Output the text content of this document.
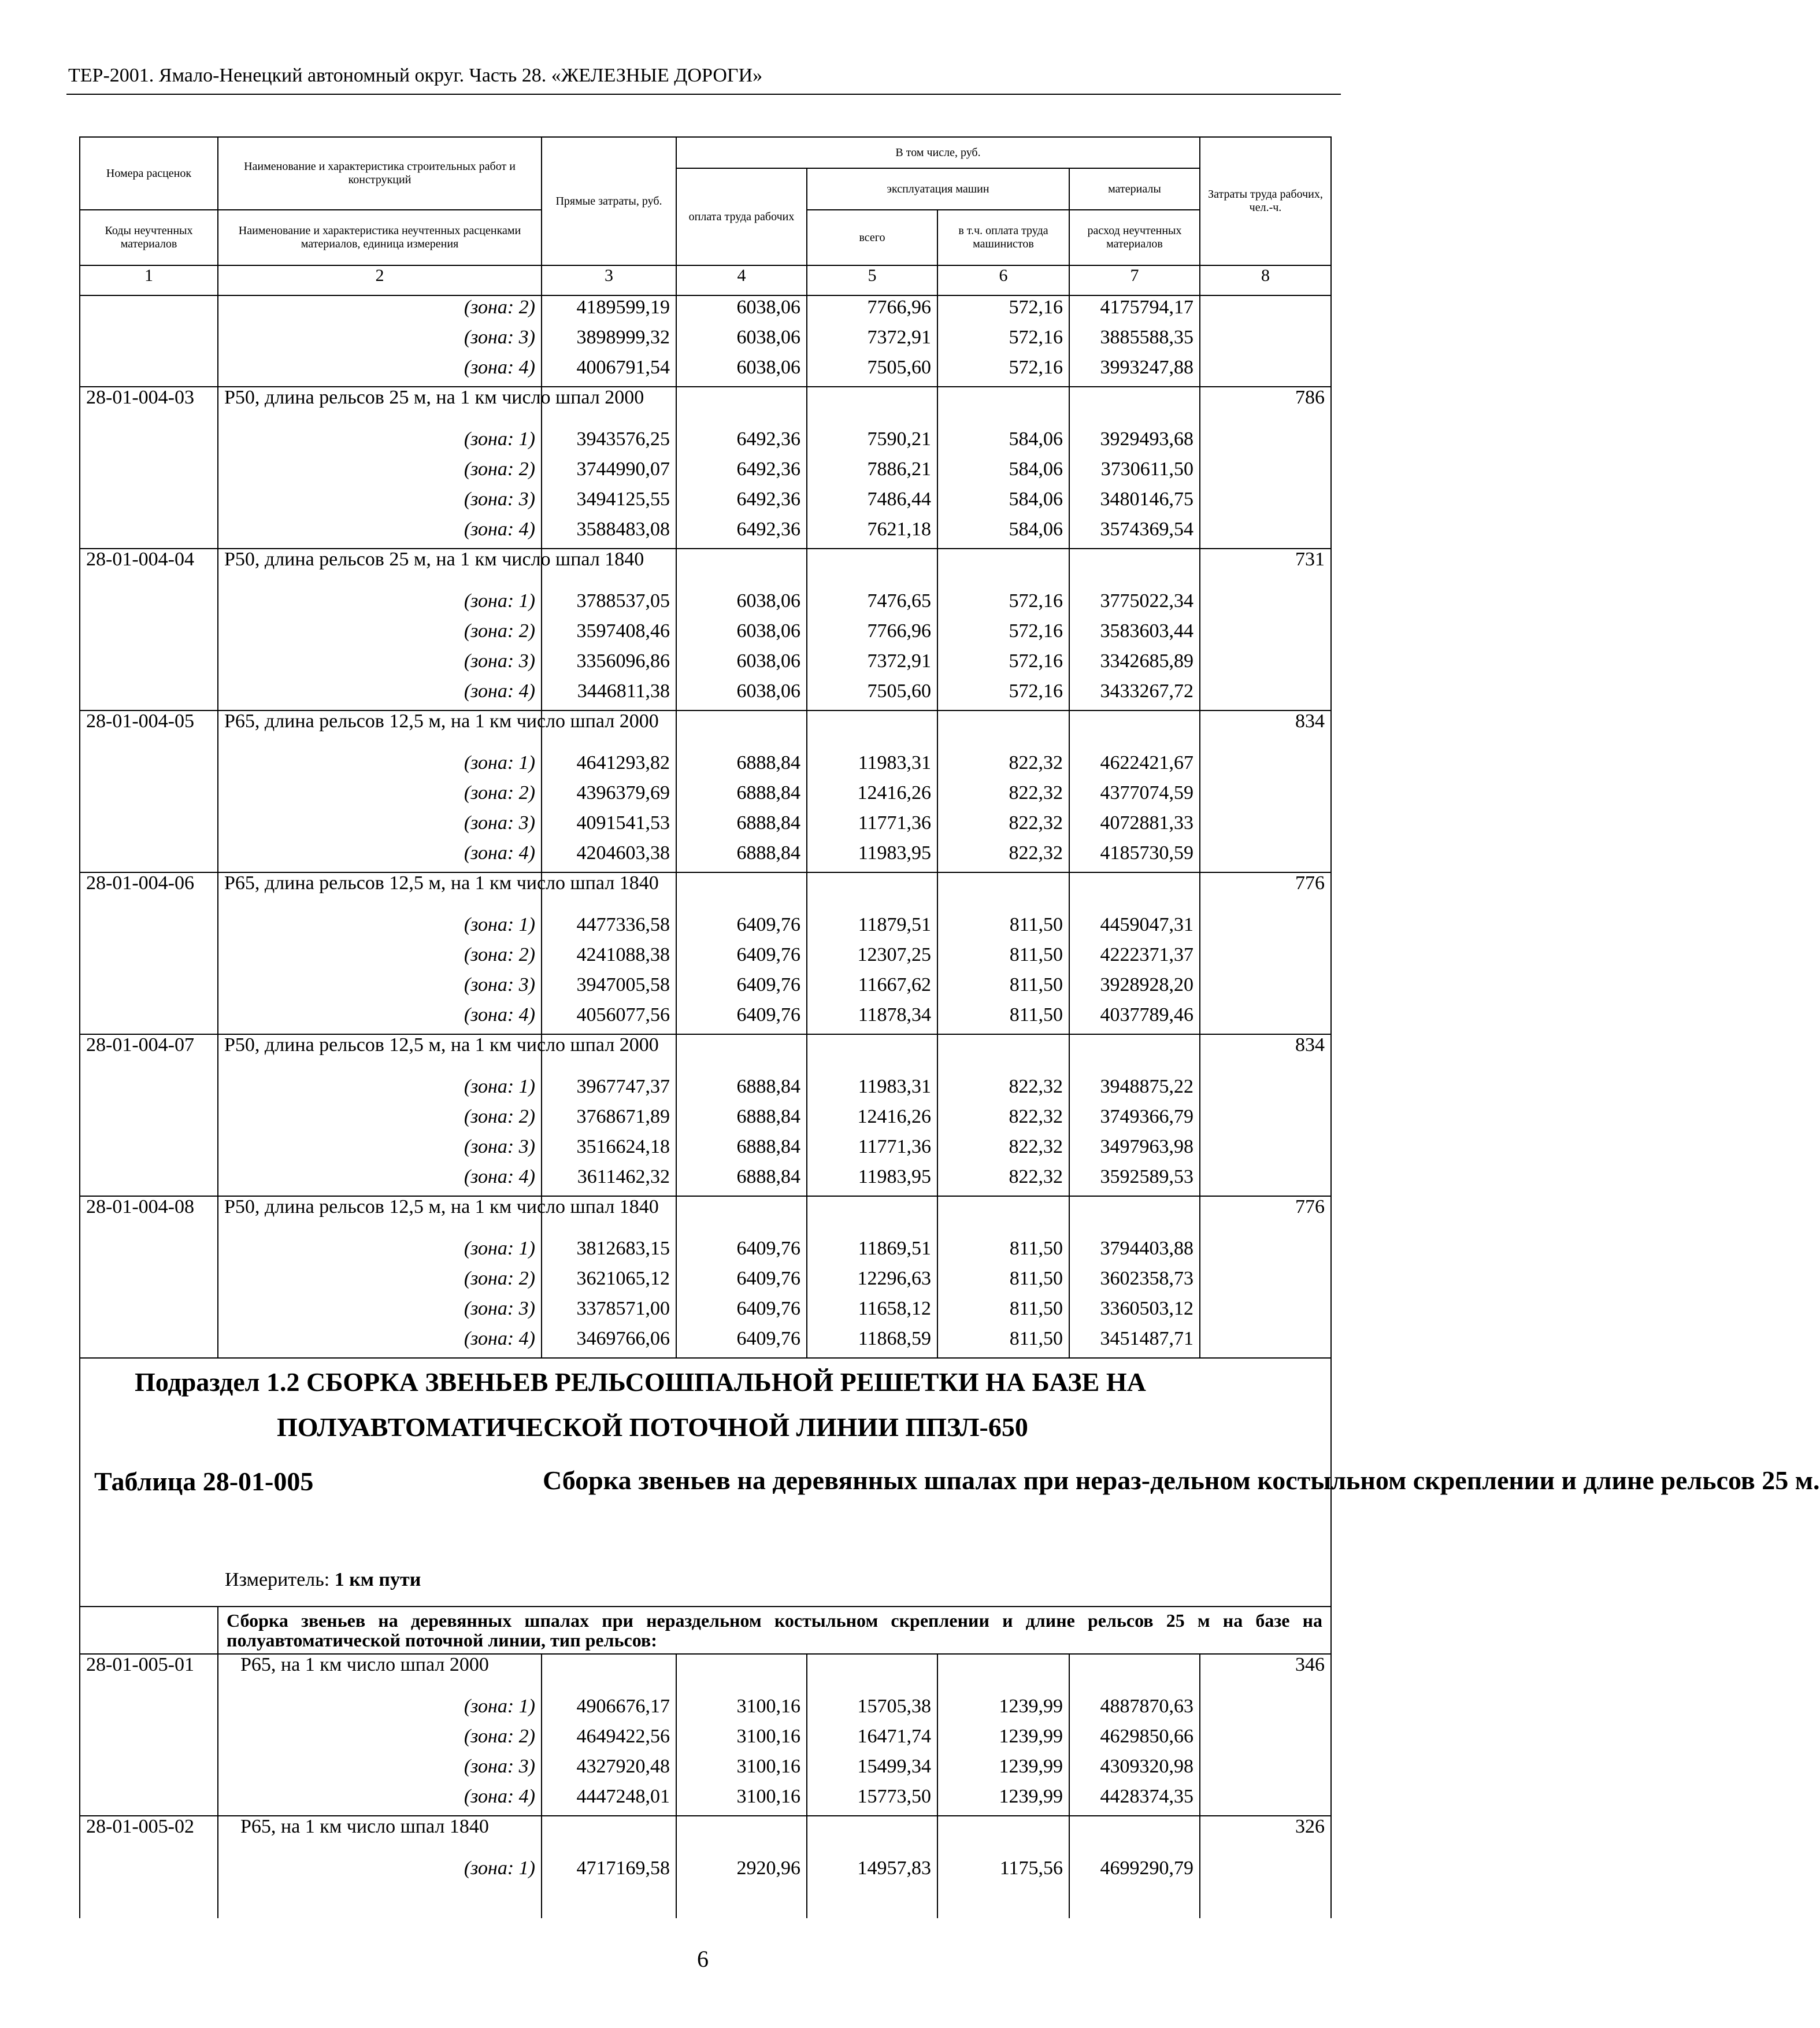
ТЕР-2001. Ямало-Ненецкий автономный округ. Часть 28. «ЖЕЛЕЗНЫЕ ДОРОГИ»
Номера расценок	Наименование и характеристика строительных работ и конструкций	Прямые затраты, руб.	В том числе, руб.				Затраты труда рабочих, чел.-ч.
			оплата труда рабочих	эксплуатация машин		материалы	
Коды неучтенных материалов	Наименование и характеристика неучтенных расценками материалов, единица измерения			всего	в т.ч. оплата труда машинистов	расход неучтенных материалов	
1	2	3	4	5	6	7	8
	(зона: 2)	4189599,19	6038,06	7766,96	572,16	4175794,17	
	(зона: 3)	3898999,32	6038,06	7372,91	572,16	3885588,35	
	(зона: 4)	4006791,54	6038,06	7505,60	572,16	3993247,88	
28-01-004-03	Р50, длина рельсов 25 м, на 1 км число шпал 2000						786
	(зона: 1)	3943576,25	6492,36	7590,21	584,06	3929493,68	
	(зона: 2)	3744990,07	6492,36	7886,21	584,06	3730611,50	
	(зона: 3)	3494125,55	6492,36	7486,44	584,06	3480146,75	
	(зона: 4)	3588483,08	6492,36	7621,18	584,06	3574369,54	
28-01-004-04	Р50, длина рельсов 25 м, на 1 км число шпал 1840						731
	(зона: 1)	3788537,05	6038,06	7476,65	572,16	3775022,34	
	(зона: 2)	3597408,46	6038,06	7766,96	572,16	3583603,44	
	(зона: 3)	3356096,86	6038,06	7372,91	572,16	3342685,89	
	(зона: 4)	3446811,38	6038,06	7505,60	572,16	3433267,72	
28-01-004-05	Р65, длина рельсов 12,5 м, на 1 км число шпал 2000						834
	(зона: 1)	4641293,82	6888,84	11983,31	822,32	4622421,67	
	(зона: 2)	4396379,69	6888,84	12416,26	822,32	4377074,59	
	(зона: 3)	4091541,53	6888,84	11771,36	822,32	4072881,33	
	(зона: 4)	4204603,38	6888,84	11983,95	822,32	4185730,59	
28-01-004-06	Р65, длина рельсов 12,5 м, на 1 км число шпал 1840						776
	(зона: 1)	4477336,58	6409,76	11879,51	811,50	4459047,31	
	(зона: 2)	4241088,38	6409,76	12307,25	811,50	4222371,37	
	(зона: 3)	3947005,58	6409,76	11667,62	811,50	3928928,20	
	(зона: 4)	4056077,56	6409,76	11878,34	811,50	4037789,46	
28-01-004-07	Р50, длина рельсов 12,5 м, на 1 км число шпал 2000						834
	(зона: 1)	3967747,37	6888,84	11983,31	822,32	3948875,22	
	(зона: 2)	3768671,89	6888,84	12416,26	822,32	3749366,79	
	(зона: 3)	3516624,18	6888,84	11771,36	822,32	3497963,98	
	(зона: 4)	3611462,32	6888,84	11983,95	822,32	3592589,53	
28-01-004-08	Р50, длина рельсов 12,5 м, на 1 км число шпал 1840						776
	(зона: 1)	3812683,15	6409,76	11869,51	811,50	3794403,88	
	(зона: 2)	3621065,12	6409,76	12296,63	811,50	3602358,73	
	(зона: 3)	3378571,00	6409,76	11658,12	811,50	3360503,12	
	(зона: 4)	3469766,06	6409,76	11868,59	811,50	3451487,71	

Подраздел 1.2 СБОРКА ЗВЕНЬЕВ РЕЛЬСОШПАЛЬНОЙ РЕШЕТКИ НА БАЗЕ НА
ПОЛУАВТОМАТИЧЕСКОЙ ПОТОЧНОЙ ЛИНИИ ППЗЛ-650
Таблица 28-01-005 Сборка звеньев на деревянных шпалах при нераз-дельном костыльном скреплении и длине рельсов 25 м.
Измеритель: 1 км пути							

	Сборка звеньев на деревянных шпалах при нераздельном костыльном скреплении и длине рельсов 25 м на базе на полуавтоматической поточной линии, тип рельсов:						

28-01-005-01	Р65, на 1 км число шпал 2000						346
	(зона: 1)	4906676,17	3100,16	15705,38	1239,99	4887870,63	
	(зона: 2)	4649422,56	3100,16	16471,74	1239,99	4629850,66	
	(зона: 3)	4327920,48	3100,16	15499,34	1239,99	4309320,98	
	(зона: 4)	4447248,01	3100,16	15773,50	1239,99	4428374,35	
28-01-005-02	Р65, на 1 км число шпал 1840						326
	(зона: 1)	4717169,58	2920,96	14957,83	1175,56	4699290,79	

6
